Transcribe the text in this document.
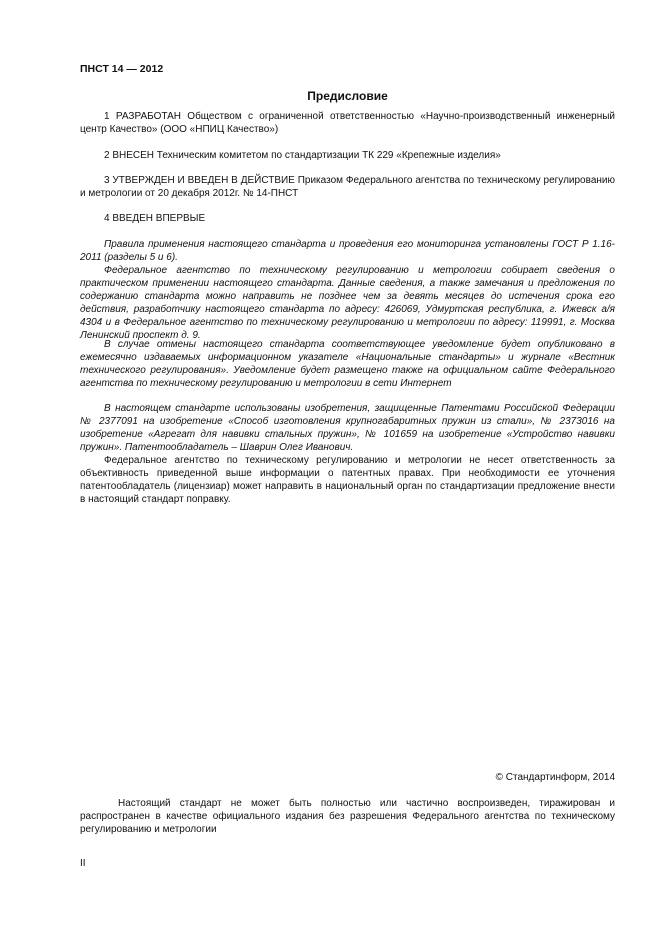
ПНСТ 14 — 2012
Предисловие

1 РАЗРАБОТАН Обществом с ограниченной ответственностью «Научно-производственный инженерный центр Качество» (ООО «НПИЦ Качество»)

2 ВНЕСЕН Техническим комитетом по стандартизации ТК 229 «Крепежные изделия»

3 УТВЕРЖДЕН И ВВЕДЕН В ДЕЙСТВИЕ Приказом Федерального агентства по техническому регулированию и метрологии от 20 декабря 2012г. № 14-ПНСТ

4 ВВЕДЕН ВПЕРВЫЕ

Правила применения настоящего стандарта и проведения его мониторинга установлены ГОСТ Р 1.16-2011 (разделы 5 и 6).

Федеральное агентство по техническому регулированию и метрологии собирает сведения о практическом применении настоящего стандарта. Данные сведения, а также замечания и предложения по содержанию стандарта можно направить не позднее чем за девять месяцев до истечения срока его действия, разработчику настоящего стандарта по адресу: 426069, Удмуртская республика, г. Ижевск а/я 4304 и в Федеральное агентство по техническому регулированию и метрологии по адресу: 119991, г. Москва Ленинский проспект д. 9.

В случае отмены настоящего стандарта соответствующее уведомление будет опубликовано в ежемесячно издаваемых информационном указателе «Национальные стандарты» и журнале «Вестник технического регулирования». Уведомление будет размещено также на официальном сайте Федерального агентства по техническому регулированию и метрологии в сети Интернет

В настоящем стандарте использованы изобретения, защищенные Патентами Российской Федерации № 2377091 на изобретение «Способ изготовления крупногабаритных пружин из стали», № 2373016 на изобретение «Агрегат для навивки стальных пружин», № 101659 на изобретение «Устройство навивки пружин». Патентообладатель – Шаврин Олег Иванович.

Федеральное агентство по техническому регулированию и метрологии не несет ответственность за объективность приведенной выше информации о патентных правах. При необходимости ее уточнения патентообладатель (лицензиар) может направить в национальный орган по стандартизации предложение внести в настоящий стандарт поправку.

© Стандартинформ, 2014

Настоящий стандарт не может быть полностью или частично воспроизведен, тиражирован и распространен в качестве официального издания без разрешения Федерального агентства по техническому регулированию и метрологии

II
